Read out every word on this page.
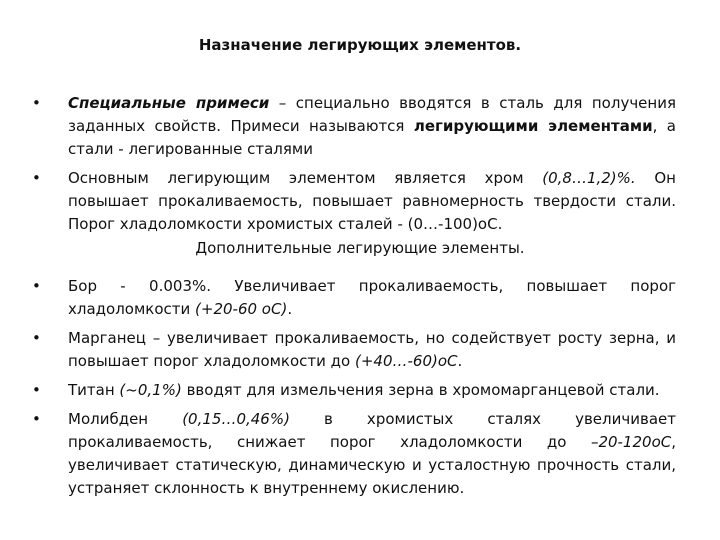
Назначение легирующих элементов.
• Специальные примеси – специально вводятся в сталь для получения заданных свойств. Примеси называются легирующими элементами, а стали - легированные сталями
• Основным легирующим элементом является хром (0,8…1,2)%. Он повышает прокаливаемость, повышает равномерность твердости стали. Порог хладоломкости хромистых сталей - (0…-100)оС.
Дополнительные легирующие элементы.
• Бор - 0.003%. Увеличивает прокаливаемость, повышает порог хладоломкости (+20-60 оС).
• Марганец – увеличивает прокаливаемость, но содействует росту зерна, и повышает порог хладоломкости до (+40…-60)оС.
• Титан (~0,1%) вводят для измельчения зерна в хромомарганцевой стали.
• Молибден (0,15…0,46%) в хромистых сталях увеличивает прокаливаемость, снижает порог хладоломкости до –20-120оС, увеличивает статическую, динамическую и усталостную прочность стали, устраняет склонность к внутреннему окислению.
